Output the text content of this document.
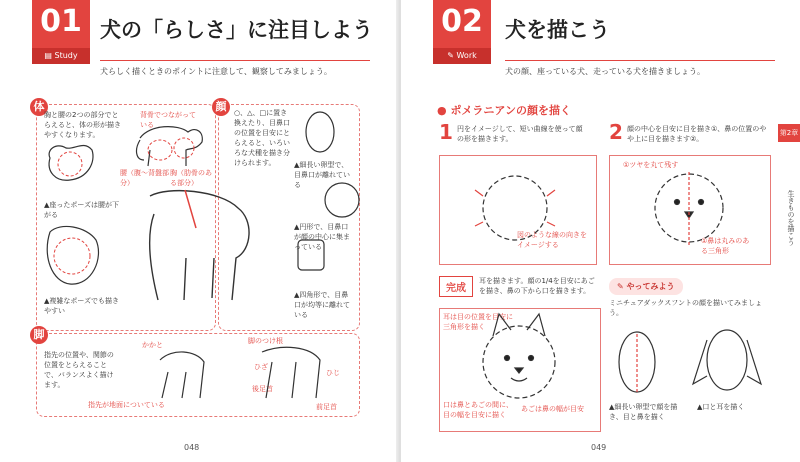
01
▤ Study
犬の「らしさ」に注目しよう
犬らしく描くときのポイントに注意して、観察してみましょう。
体
胸と腰の2つの部分でとらえると、体の形が描きやすくなります。
背骨でつながっている
腰（腹～背盤部分）
胸（肋骨のある部分）
▲座ったポーズは腰が下がる
▲複雑なポーズでも描きやすい
顔	○、△、□に置き換えたり、目鼻口の位置を目安にとらえると、いろいろな犬種を描き分けられます。	▲細長い卵型で、目鼻口が離れている
▲円形で、目鼻口が顔の中心に集まっている
▲四角形で、目鼻口が均等に離れている
脚
指先の位置や、関節の位置をとらえることで、バランスよく描けます。
かかと
指先が地面についている
脚のつけ根
ひざ
ひじ
後足首
前足首
048
02
✎ Work
犬を描こう
犬の顔、座っている犬、走っている犬を描きましょう。
● ポメラニアンの顔を描く
1 円をイメージして、短い曲線を使って顔の形を描きます。
図のような線の向きをイメージする
2 顔の中心を目安に目を描き①、鼻の位置のやや上に目を描きます②。
①ツヤを丸て残す
①鼻は丸みのある三角形
完成
耳を描きます。顔の1/4を目安にあごを描き、鼻の下から口を描きます。
耳は目の位置を目安に三角形を描く
口は鼻とあごの間に、目の幅を目安に描く
あごは鼻の幅が目安
✎ やってみよう
ミニチュアダックスフントの顔を描いてみましょう。
▲細長い卵型で顔を描き、目と鼻を描く
▲口と耳を描く
第2章
生きものを描こう
049
